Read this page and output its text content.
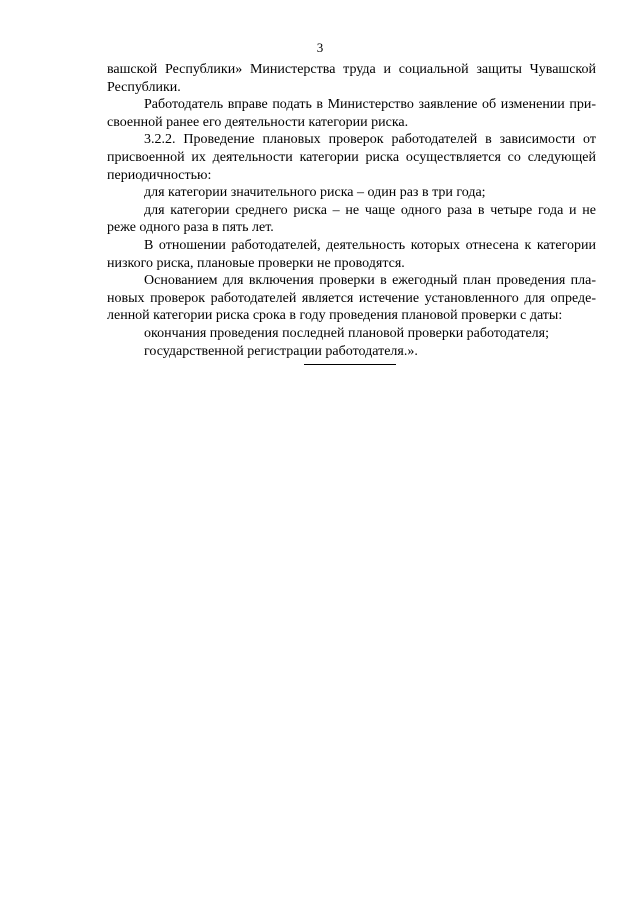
3
вашской Республики» Министерства труда и социальной защиты Чувашской
Республики.
Работодатель вправе подать в Министерство заявление об изменении при-
своенной ранее его деятельности категории риска.
3.2.2. Проведение плановых проверок работодателей в зависимости от
присвоенной их деятельности категории риска осуществляется со следующей
периодичностью:
для категории значительного риска – один раз в три года;
для категории среднего риска – не чаще одного раза в четыре года и не
реже одного раза в пять лет.
В отношении работодателей, деятельность которых отнесена к категории
низкого риска, плановые проверки не проводятся.
Основанием для включения проверки в ежегодный план проведения пла-
новых проверок работодателей является истечение установленного для опреде-
ленной категории риска срока в году проведения плановой проверки с даты:
окончания проведения последней плановой проверки работодателя;
государственной регистрации работодателя.».
